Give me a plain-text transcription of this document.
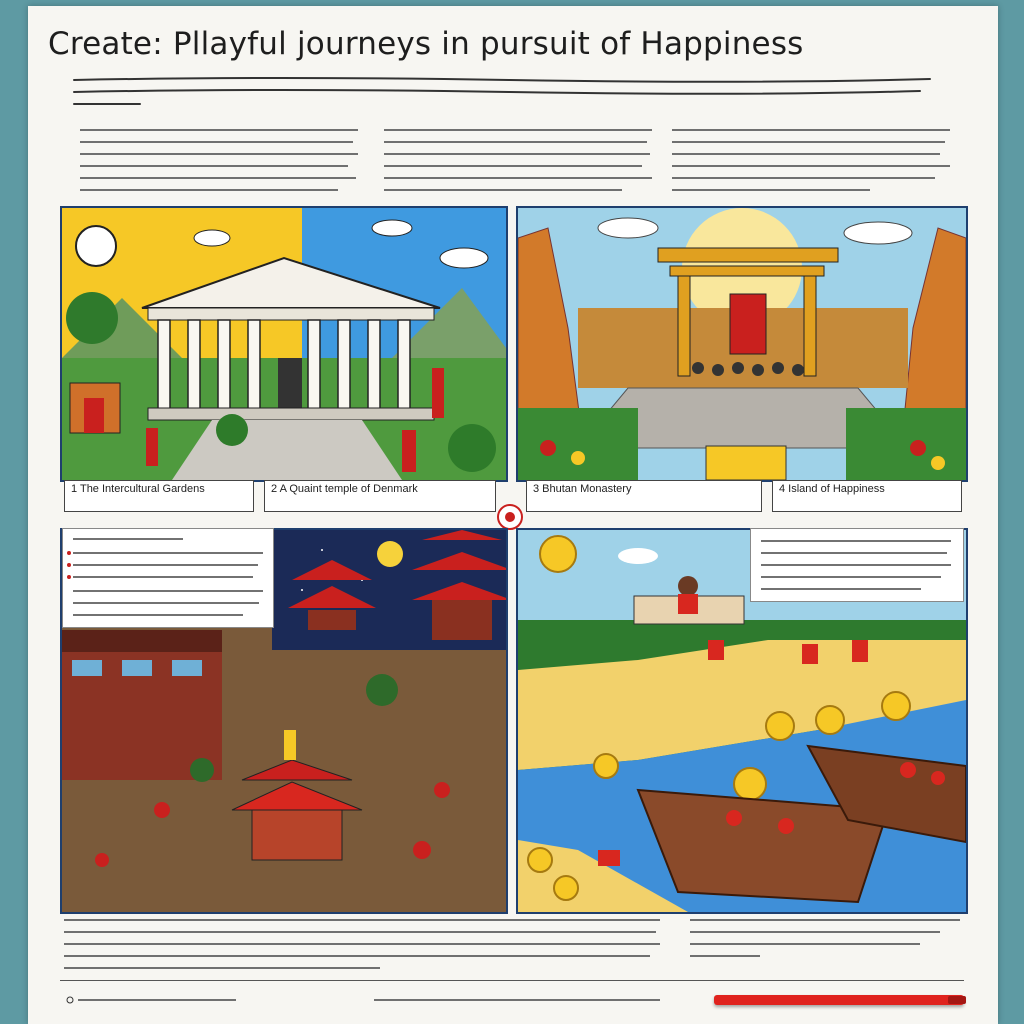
Create: Pllayful journeys in pursuit of Happiness
1 The Intercultural Gardens	2 A Quaint temple of Denmark	3 Bhutan Monastery	4 Island of Happiness
